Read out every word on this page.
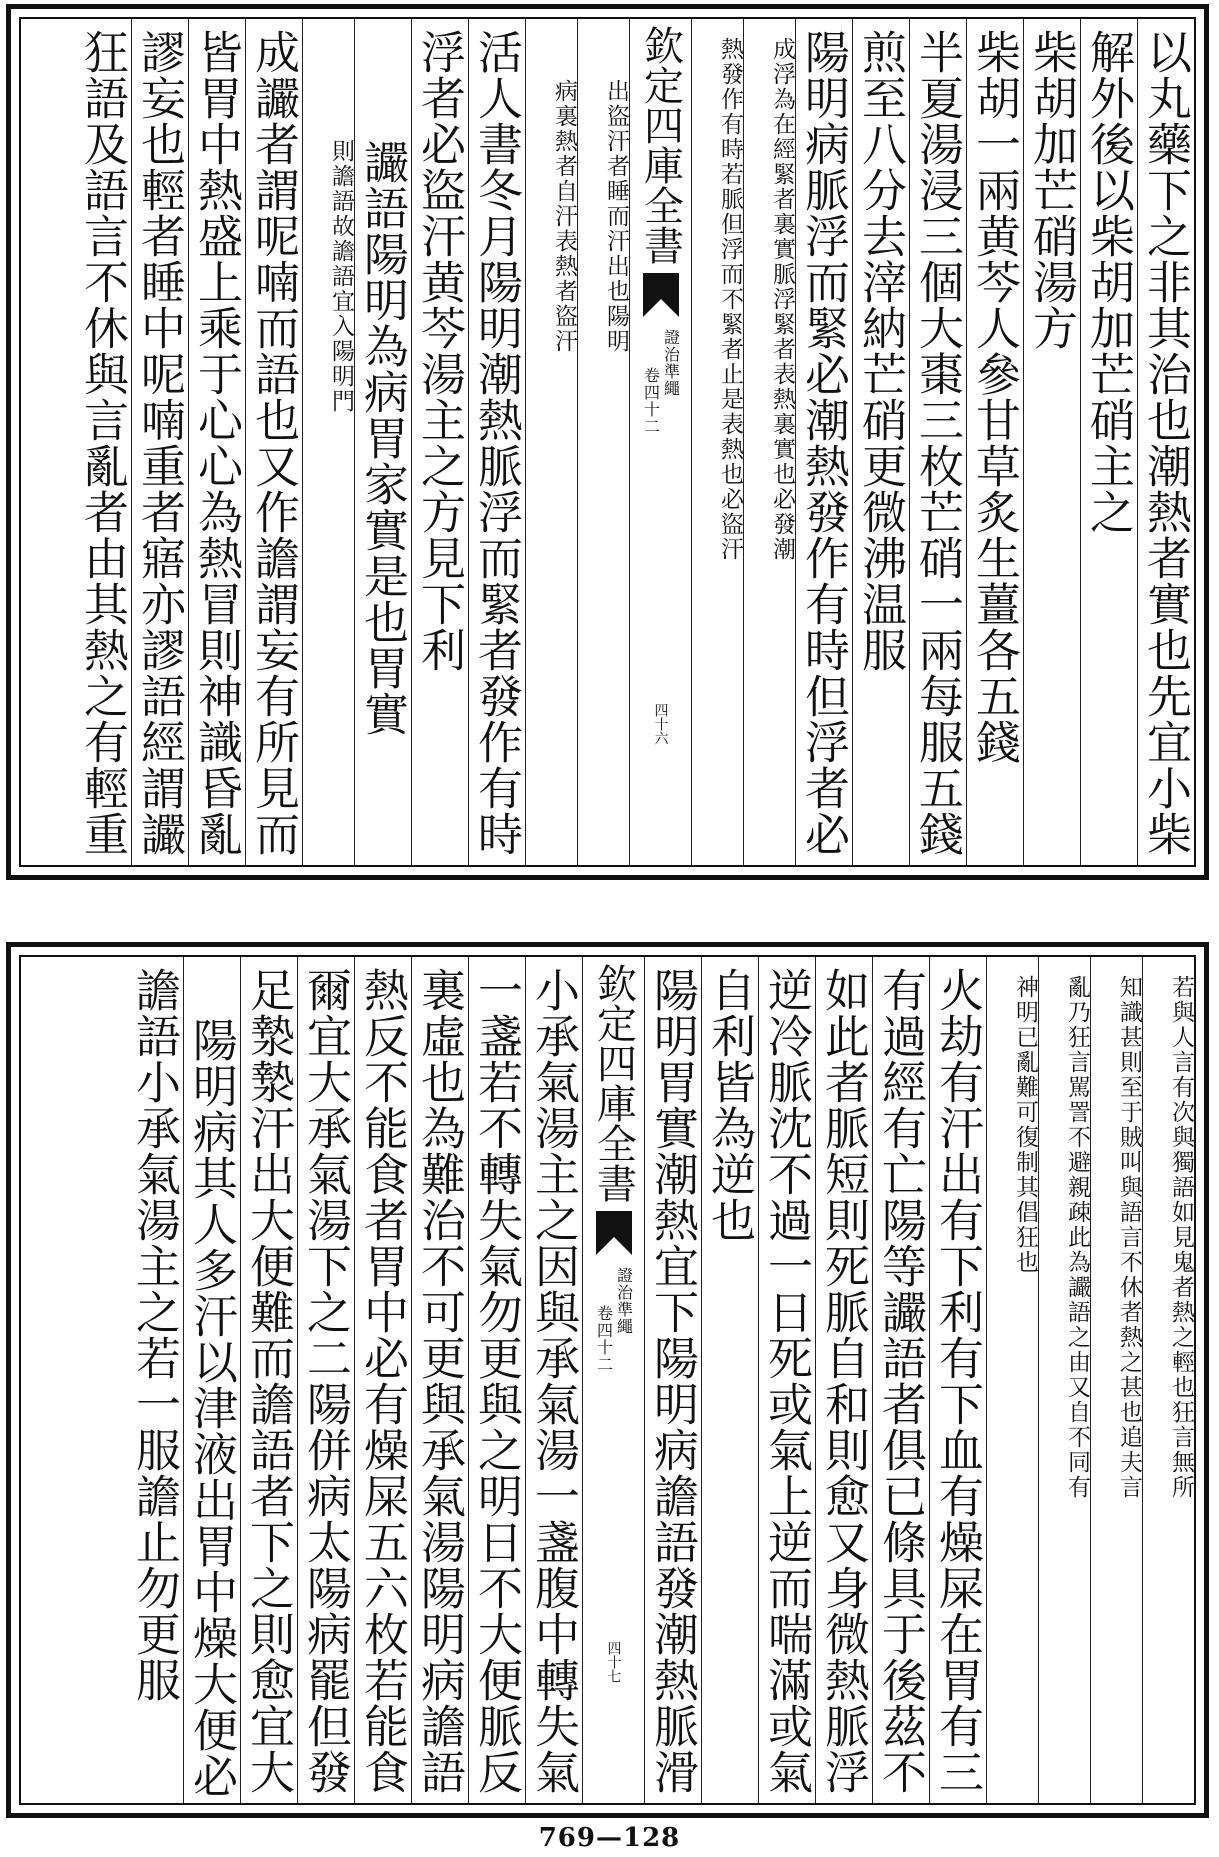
以丸藥下之非其治也潮熱者實也先宜小柴
解外後以柴胡加芒硝主之
柴胡加芒硝湯方
柴胡一兩黄芩人參甘草炙生薑各五錢
半夏湯浸三個大棗三枚芒硝一兩每服五錢
煎至八分去滓納芒硝更微沸温服
陽明病脈浮而緊必潮熱發作有時但浮者必
成浮為在經緊者裏實脈浮緊者表熱裏實也必發潮
熱發作有時若脈但浮而不緊者止是表熱也必盜汗
欽定四庫全書
證治準繩
卷四十二
四十六
出盜汗者睡而汗出也陽明
病裏熱者自汗表熱者盜汗
活人書冬月陽明潮熱脈浮而緊者發作有時
浮者必盜汗黄芩湯主之方見下利
讝語陽明為病胃家實是也胃實
則譫語故譫語宜入陽明門
成讝者謂呢喃而語也又作譫謂妄有所見而
皆胃中熱盛上乘于心心為熱冒則神識昏亂
謬妄也輕者睡中呢喃重者寤亦謬語經謂讝
狂語及語言不休與言亂者由其熱之有輕重
若與人言有次與獨語如見鬼者熱之輕也狂言無所
知識甚則至于賊叫與語言不休者熱之甚也追夫言
亂乃狂言駡詈不避親疎此為讝語之由又自不同有
神明已亂難可復制其倡狂也
火劫有汗出有下利有下血有燥屎在胃有三
有過經有亡陽等讝語者俱已條具于後茲不
如此者脈短則死脈自和則愈又身微熱脈浮
逆冷脈沈不過一日死或氣上逆而喘滿或氣
自利皆為逆也
陽明胃實潮熱宜下陽明病譫語發潮熱脈滑
欽定四庫全書
證治準繩
卷四十二
四十七
小承氣湯主之因與承氣湯一盞腹中轉失氣
一盞若不轉失氣勿更與之明日不大便脈反
裏虛也為難治不可更與承氣湯陽明病譫語
熱反不能食者胃中必有燥屎五六枚若能食
爾宜大承氣湯下之二陽併病太陽病罷但發
足漐漐汗出大便難而譫語者下之則愈宜大
陽明病其人多汗以津液出胃中燥大便必
譫語小承氣湯主之若一服譫止勿更服
769—128
